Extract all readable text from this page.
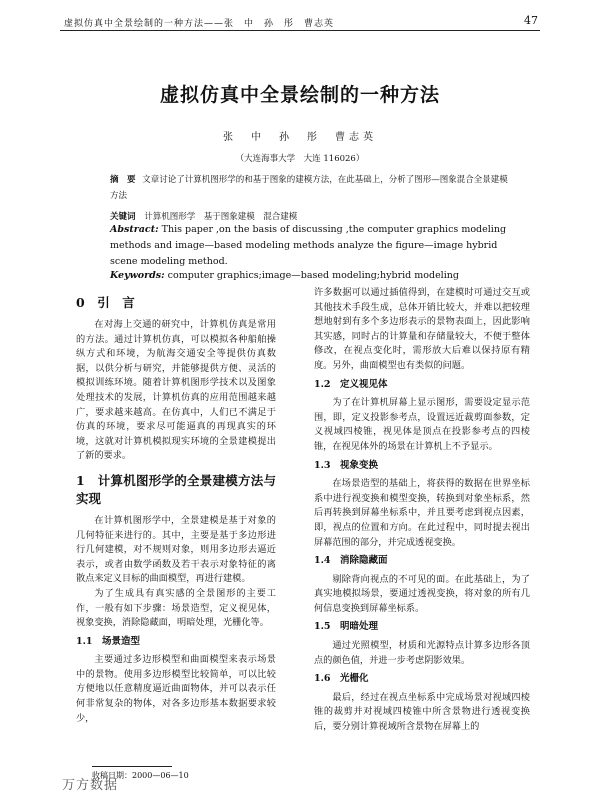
虚拟仿真中全景绘制的一种方法——张　中　孙　彤　曹志英	47
虚拟仿真中全景绘制的一种方法
张　中　孙　彤　曹志英
（大连海事大学　大连 116026）
摘　要 文章讨论了计算机图形学的和基于图象的建模方法，在此基础上，分析了图形—图象混合全景建模方法
关键词 计算机图形学　基于图象建模　混合建模
Abstract: This paper ,on the basis of discussing ,the computer graphics modeling methods and image—based modeling methods analyze the figure—image hybrid scene modeling method.
Keywords: computer graphics;image—based modeling;hybrid modeling
0　引　言

在对海上交通的研究中，计算机仿真是常用的方法。通过计算机仿真，可以模拟各种船舶操纵方式和环境，为航海交通安全等提供仿真数据，以供分析与研究，并能够提供方便、灵活的模拟训练环境。随着计算机图形学技术以及图象处理技术的发展，计算机仿真的应用范围越来越广，要求越来越高。在仿真中，人们已不满足于仿真的环境，要求尽可能逼真的再现真实的环境，这就对计算机模拟现实环境的全景建模提出了新的要求。

1　计算机图形学的全景建模方法与实现

在计算机图形学中，全景建模是基于对象的几何特征来进行的。其中，主要是基于多边形进行几何建模，对不规则对象，则用多边形去逼近表示，或者由数学函数及若干表示对象特征的离散点来定义目标的曲面模型，再进行建模。

为了生成具有真实感的全景图形的主要工作，一般有如下步骤：场景造型，定义视见体，视象变换，消除隐藏面，明暗处理，光栅化等。

1.1　场景造型

主要通过多边形模型和曲面模型来表示场景中的景物。使用多边形模型比较简单，可以比较方便地以任意精度逼近曲面物体，并可以表示任何非常复杂的物体，对各多边形基本数据要求较少，

许多数据可以通过插值得到，在建模时可通过交互或其他技术手段生成，总体开销比较大，并难以把较理想地射到有多个多边形表示的景物表面上，因此影响其实感，同时占的计算量和存储量较大，不便于整体修改，在视点变化时，需形放大后难以保持原有精度。另外，曲面模型也有类似的问题。

1.2　定义视见体

为了在计算机屏幕上显示图形，需要设定显示范围，即，定义投影参考点，设置远近裁剪面参数，定义视域四棱锥，视见体是顶点在投影参考点的四棱锥，在视见体外的场景在计算机上不予显示。

1.3　视象变换

在场景造型的基础上，将获得的数据在世界坐标系中进行视变换和模型变换，转换到对象坐标系，然后再转换到屏幕坐标系中，并且要考虑到视点因素，即，视点的位置和方向。在此过程中，同时提去视出屏幕范围的部分，并完成透视变换。

1.4　消除隐藏面

剔除背向视点的不可见的面。在此基础上，为了真实地模拟场景，要通过透视变换，将对象的所有几何信息变换到屏幕坐标系。

1.5　明暗处理

通过光照模型，材质和光源特点计算多边形各顶点的颜色值，并进一步考虑阴影效果。

1.6　光栅化

最后，经过在视点坐标系中完成场景对视域四棱锥的裁剪并对视域四棱锥中所含景物进行透视变换后，要分别计算视域所含景物在屏幕上的

收稿日期：2000—06—10
万方数据
